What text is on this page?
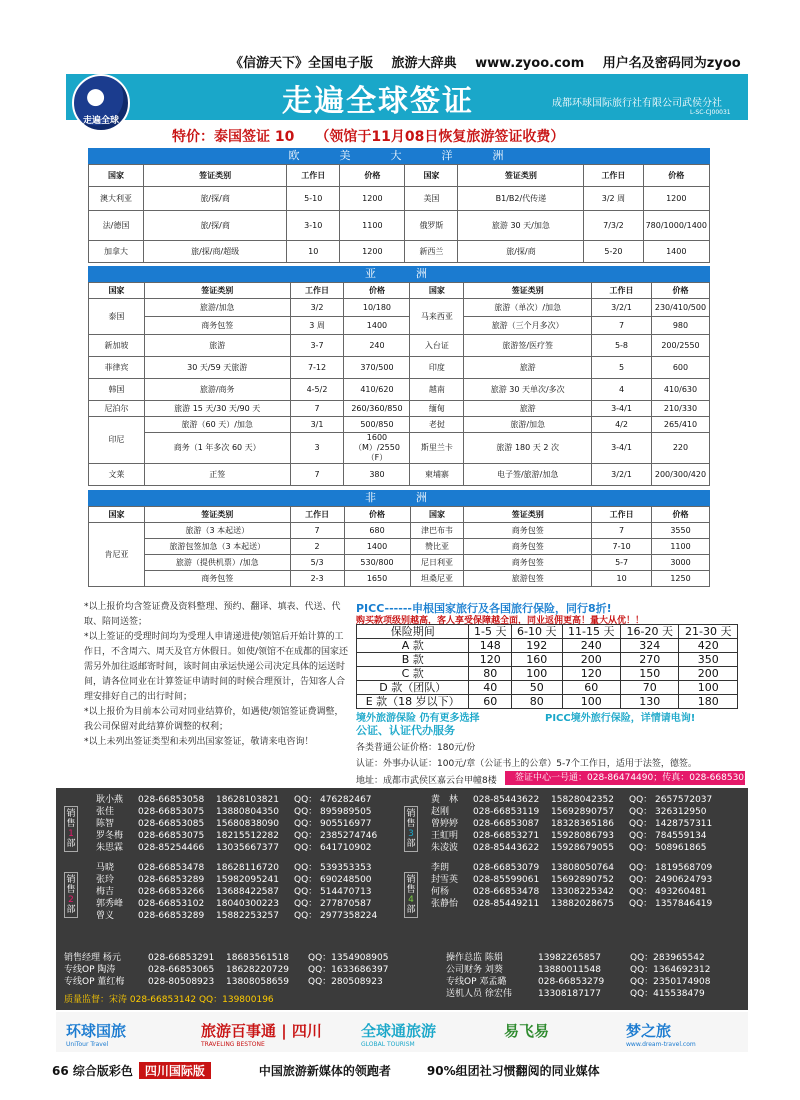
《信游天下》全国电子版 旅游大辞典 www.zyoo.com 用户名及密码同为zyoo
走遍全球
走遍全球签证	成都环球国际旅行社有限公司武侯分社
L-SC-CJ00031
特价：泰国签证 10　　（领馆于11月08日恢复旅游签证收费）
欧　　美　　大　　洋　　洲
国家	签证类别	工作日	价格	国家	签证类别	工作日	价格
澳大利亚	旅/探/商	5-10	1200	美国	B1/B2/代传递	3/2 周	1200
法/德国	旅/探/商	3-10	1100	俄罗斯	旅游 30 天/加急	7/3/2	780/1000/1400
加拿大	旅/探/商/超级	10	1200	新西兰	旅/探/商	5-20	1400
亚　　洲
国家	签证类别	工作日	价格	国家	签证类别	工作日	价格
泰国	旅游/加急	3/2	10/180	马来西亚	旅游（单次）/加急	3/2/1	230/410/500
	商务包签	3 周	1400		旅游（三个月多次）	7	980
新加坡	旅游	3-7	240	入台证	旅游签/医疗签	5-8	200/2550
菲律宾	30 天/59 天旅游	7-12	370/500	印度	旅游	5	600
韩国	旅游/商务	4-5/2	410/620	越南	旅游 30 天单次/多次	4	410/630
尼泊尔	旅游 15 天/30 天/90 天	7	260/360/850	缅甸	旅游	3-4/1	210/330
印尼	旅游（60 天）/加急	3/1	500/850	老挝	旅游/加急	4/2	265/410
	商务（1 年多次 60 天）	3	1600（M）/2550（F）	斯里兰卡	旅游 180 天 2 次	3-4/1	220
文莱	正签	7	380	柬埔寨	电子签/旅游/加急	3/2/1	200/300/420
非　　洲
国家	签证类别	工作日	价格	国家	签证类别	工作日	价格
肯尼亚	旅游（3 本起送）	7	680	津巴布韦	商务包签	7	3550
	旅游包签加急（3 本起送）	2	1400	赞比亚	商务包签	7-10	1100
	旅游（提供机票）/加急	5/3	530/800	尼日利亚	商务包签	5-7	3000
	商务包签	2-3	1650	坦桑尼亚	旅游包签	10	1250

*以上报价均含签证费及资料整理、预约、翻译、填表、代送、代取、陪同送签；

*以上签证的受理时间均为受理人申请递进使/领馆后开始计算的工作日，不含周六、周天及官方休假日。如使/领馆不在成都的国家还需另外加往返邮寄时间，该时间由承运快递公司决定具体的运送时间，请各位同业在计算签证申请时间的时候合理预计，告知客人合理安排好自己的出行时间；

*以上报价为目前本公司对同业结算价，如遇使/领馆签证费调整，我公司保留对此结算价调整的权利；

*以上未列出签证类型和未列出国家签证，敬请来电咨询！

PICC------申根国家旅行及各国旅行保险，同行8折!
购买款项级别越高，客人享受保障越全面，同业返佣更高！量大从优！！
保险期间	1-5 天	6-10 天	11-15 天	16-20 天	21-30 天
A 款	148	192	240	324	420
B 款	120	160	200	270	350
C 款	80	100	120	150	200
D 款（团队）	40	50	60	70	100
E 款（18 岁以下）	60	80	100	130	180
境外旅游保险 仍有更多选择	PICC境外旅行保险，详情请电询!
公证、认证代办服务
各类普通公证价格：180元/份
认证：外事办认证：100元/章（公证书上的公章）5-7个工作日，适用于法签，德签。
地址：成都市武侯区嘉云台甲幢8楼	签证中心一号通：028-86474490；传真：028-66853039
销售
1
部
销售
2
部
销售
3
部
销售
4
部
耿小燕 028-66853058 18628103821 QQ： 476282467
张佳	028-66853075 13880804350 QQ： 895989505
陈智	028-66853085 15680838090 QQ： 905516977
罗冬梅 028-66853075 18215512282 QQ： 2385274746
朱思霖 028-85254466 13035667377 QQ： 641710902
马晓	028-66853478 18628116720 QQ： 539353353
张玲	028-66853289 15982095241 QQ： 690248500
梅吉	028-66853266 13688422587 QQ： 514470713
郭秀峰 028-66853102 18040300223 QQ： 277870587
曾义	028-66853289 15882253257 QQ： 2977358224
黄　林 028-85443622 15828042352 QQ： 2657572037
赵刚	028-66853119 15692890757 QQ： 326312950
曾婷婷 028-66853087 18328365186 QQ： 1428757311
王虹明 028-66853271 15928086793 QQ： 784559134
朱凌波 028-85443622 15928679055 QQ： 508961865
李朗	028-66853079 13808050764 QQ： 1819568709
封雪英 028-85599061 15692890752 QQ： 2490624793
何杨	028-66853478 13308225342 QQ： 493260481
张静怡 028-85449211 13882028675 QQ： 1357846419
销售经理 杨元	028-66853291 18683561518 QQ：1354908905
专线OP 陶涛	028-66853065 18628220729 QQ：1633686397
专线OP 董红梅	028-80508923 13808058659 QQ：280508923
操作总监 陈娟	13982265857	QQ：283965542
公司财务 刘葵	13880011548	QQ：1364692312
专线OP 邓孟璐	028-66853279	QQ：2350174908
送机人员 徐宏伟	13308187177	QQ：415538479
质量监督：宋涛 028-66853142 QQ：139800196
环球国旅
UniTour Travel
旅游百事通 | 四川
TRAVELING BESTONE
全球通旅游
GLOBAL TOURISM
易飞易	梦之旅
www.dream-travel.com
66 综合版彩色 四川国际版	中国旅游新媒体的领跑者	90%组团社习惯翻阅的同业媒体
